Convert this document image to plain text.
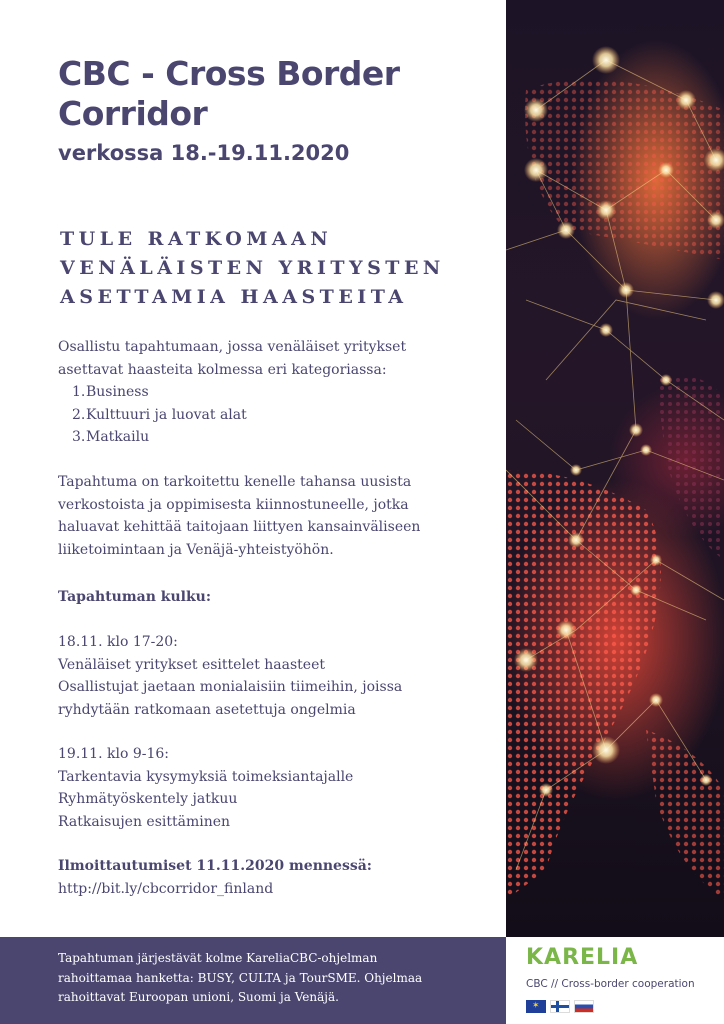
CBC - Cross Border Corridor
verkossa 18.-19.11.2020
TULE RATKOMAAN
VENÄLÄISTEN YRITYSTEN
ASETTAMIA HAASTEITA

Osallistu tapahtumaan, jossa venäläiset yritykset
asettavat haasteita kolmessa eri kategoriassa:

1.Business
2.Kulttuuri ja luovat alat
3.Matkailu

Tapahtuma on tarkoitettu kenelle tahansa uusista
verkostoista ja oppimisesta kiinnostuneelle, jotka
haluavat kehittää taitojaan liittyen kansainväliseen
liiketoimintaan ja Venäjä-yhteistyöhön.

Tapahtuman kulku:

18.11. klo 17-20:
Venäläiset yritykset esittelet haasteet
Osallistujat jaetaan monialaisiin tiimeihin, joissa
ryhdytään ratkomaan asetettuja ongelmia

19.11. klo 9-16:
Tarkentavia kysymyksiä toimeksiantajalle
Ryhmätyöskentely jatkuu
Ratkaisujen esittäminen

Ilmoittautumiset 11.11.2020 mennessä:

http://bit.ly/cbcorridor_finland

Tapahtuman järjestävät kolme KareliaCBC-ohjelman
rahoittamaa hanketta: BUSY, CULTA ja TourSME. Ohjelmaa
rahoittavat Euroopan unioni, Suomi ja Venäjä.

KARELIA

CBC // Cross-border cooperation

✶
